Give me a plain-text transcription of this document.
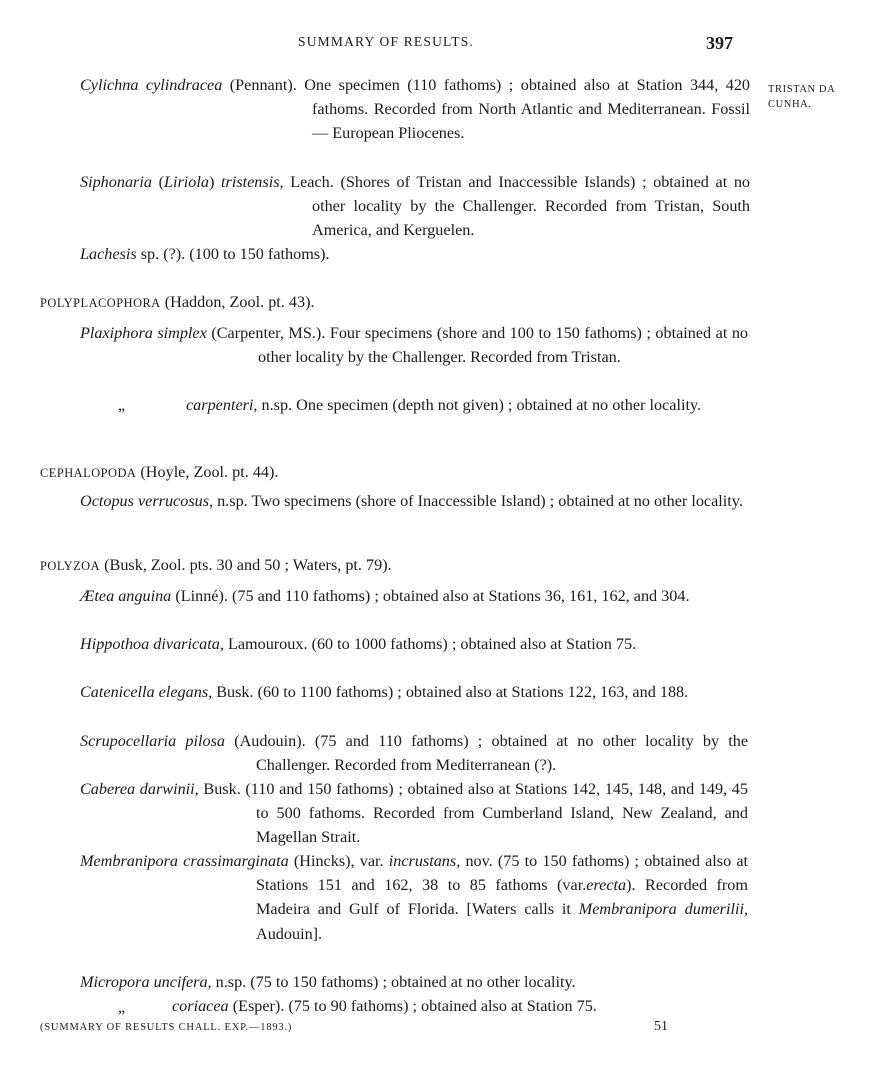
SUMMARY OF RESULTS.	397
TRISTAN DA
CUNHA.

Cylichna cylindracea (Pennant). One specimen (110 fathoms) ; obtained also at Station 344, 420 fathoms. Recorded from North Atlantic and Mediterranean. Fossil — European Pliocenes.

Siphonaria (Liriola) tristensis, Leach. (Shores of Tristan and Inaccessible Islands) ; obtained at no other locality by the Challenger. Recorded from Tristan, South America, and Kerguelen.

Lachesis sp. (?). (100 to 150 fathoms).

POLYPLACOPHORA (Haddon, Zool. pt. 43).

Plaxiphora simplex (Carpenter, MS.). Four specimens (shore and 100 to 150 fathoms) ; obtained at no other locality by the Challenger. Recorded from Tristan.

„	carpenteri, n.sp. One specimen (depth not given) ; obtained at no other locality.

CEPHALOPODA (Hoyle, Zool. pt. 44).

Octopus verrucosus, n.sp. Two specimens (shore of Inaccessible Island) ; obtained at no other locality.

POLYZOA (Busk, Zool. pts. 30 and 50 ; Waters, pt. 79).

Ætea anguina (Linné). (75 and 110 fathoms) ; obtained also at Stations 36, 161, 162, and 304.

Hippothoa divaricata, Lamouroux. (60 to 1000 fathoms) ; obtained also at Station 75.

Catenicella elegans, Busk. (60 to 1100 fathoms) ; obtained also at Stations 122, 163, and 188.

Scrupocellaria pilosa (Audouin). (75 and 110 fathoms) ; obtained at no other locality by the Challenger. Recorded from Mediterranean (?).

Caberea darwinii, Busk. (110 and 150 fathoms) ; obtained also at Stations 142, 145, 148, and 149, 45 to 500 fathoms. Recorded from Cumberland Island, New Zealand, and Magellan Strait.

Membranipora crassimarginata (Hincks), var. incrustans, nov. (75 to 150 fathoms) ; obtained also at Stations 151 and 162, 38 to 85 fathoms (var.erecta). Recorded from Madeira and Gulf of Florida. [Waters calls it Membranipora dumerilii, Audouin].

Micropora uncifera, n.sp. (75 to 150 fathoms) ; obtained at no other locality.

„	coriacea (Esper). (75 to 90 fathoms) ; obtained also at Station 75.

(SUMMARY OF RESULTS CHALL. EXP.—1893.)	51
